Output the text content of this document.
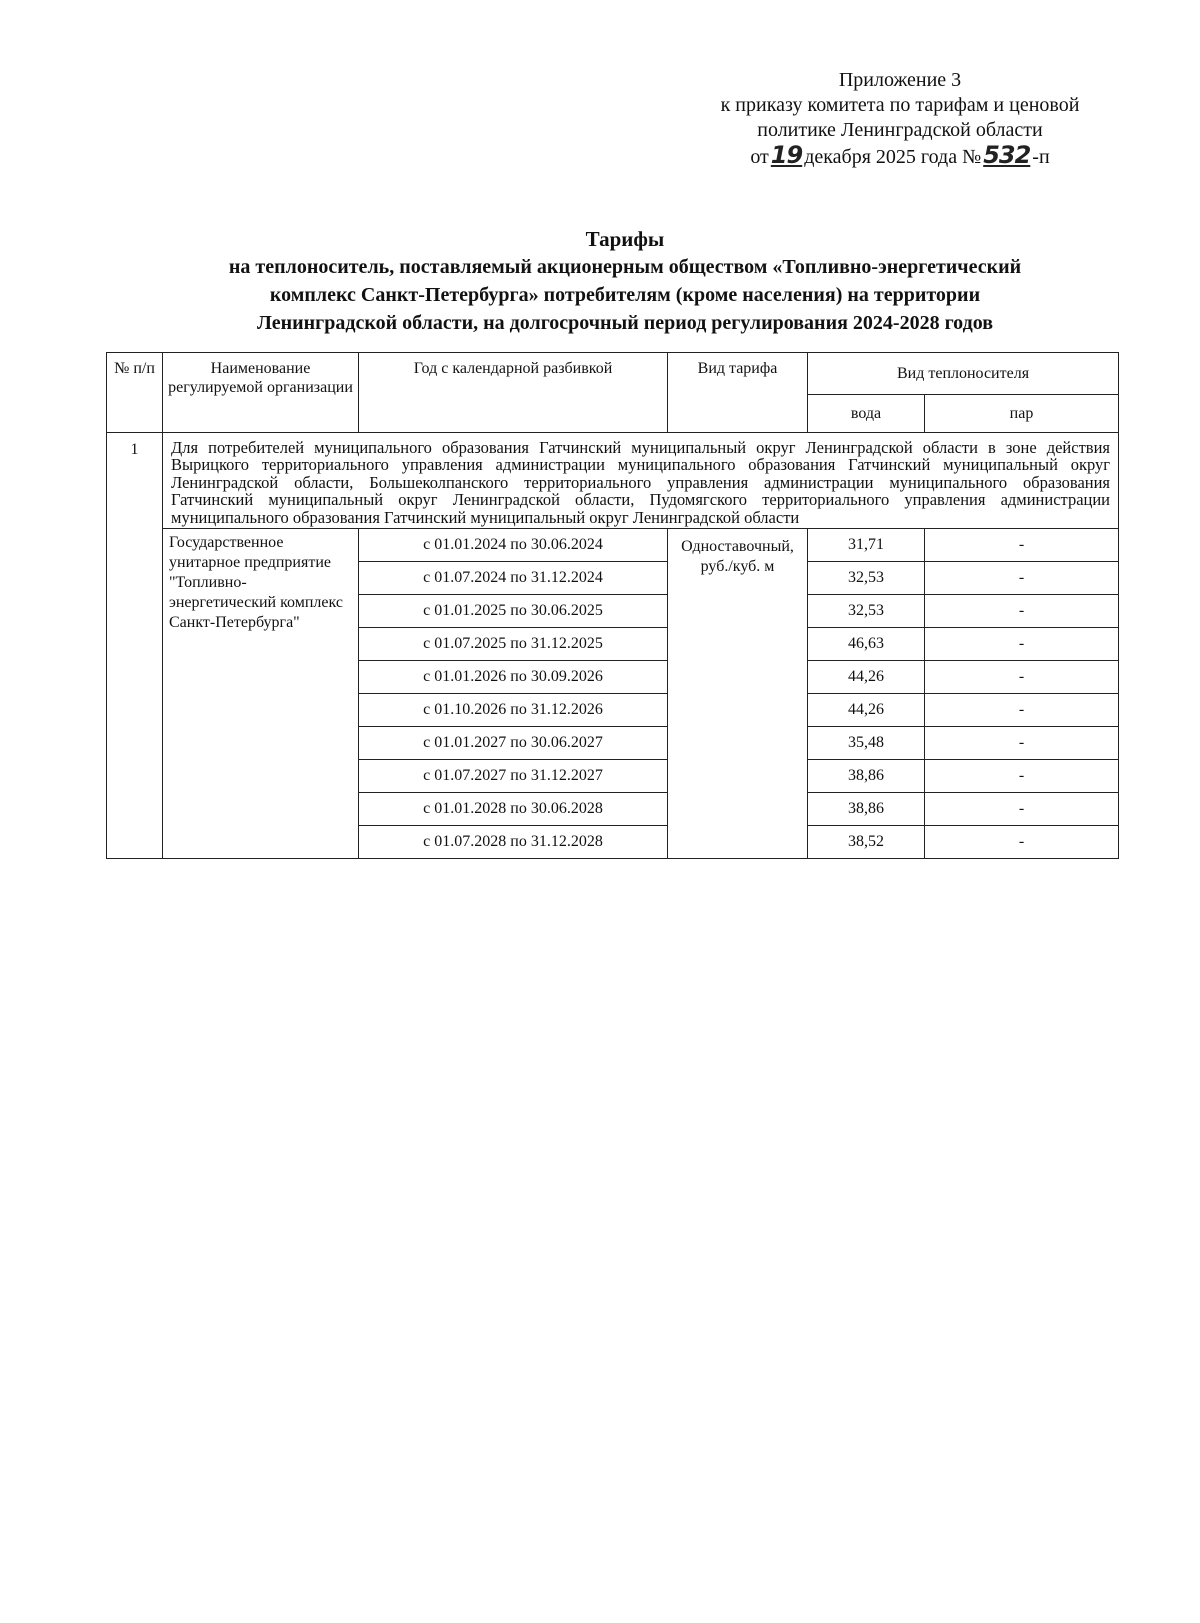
Приложение 3
к приказу комитета по тарифам и ценовой
политике Ленинградской области
от19 декабря 2025 года №532 -п
Тарифы
на теплоноситель, поставляемый акционерным обществом «Топливно-энергетический
комплекс Санкт-Петербурга» потребителям (кроме населения) на территории
Ленинградской области, на долгосрочный период регулирования 2024-2028 годов
№ п/п	Наименование регулируемой организации	Год с календарной разбивкой	Вид тарифа	Вид теплоносителя	
				вода	пар
1	Для потребителей муниципального образования Гатчинский муниципальный округ Ленинградской области в зоне действия Вырицкого территориального управления администрации муниципального образования Гатчинский муниципальный округ Ленинградской области, Большеколпанского территориального управления администрации муниципального образования Гатчинский муниципальный округ Ленинградской области, Пудомягского территориального управления администрации муниципального образования Гатчинский муниципальный округ Ленинградской области				
	Государственное унитарное предприятие "Топливно-энергетический комплекс Санкт-Петербурга"	с 01.01.2024 по 30.06.2024	Одноставочный, руб./куб. м	31,71	-
		с 01.07.2024 по 31.12.2024		32,53	-
		с 01.01.2025 по 30.06.2025		32,53	-
		с 01.07.2025 по 31.12.2025		46,63	-
		с 01.01.2026 по 30.09.2026		44,26	-
		с 01.10.2026 по 31.12.2026		44,26	-
		с 01.01.2027 по 30.06.2027		35,48	-
		с 01.07.2027 по 31.12.2027		38,86	-
		с 01.01.2028 по 30.06.2028		38,86	-
		с 01.07.2028 по 31.12.2028		38,52	-
